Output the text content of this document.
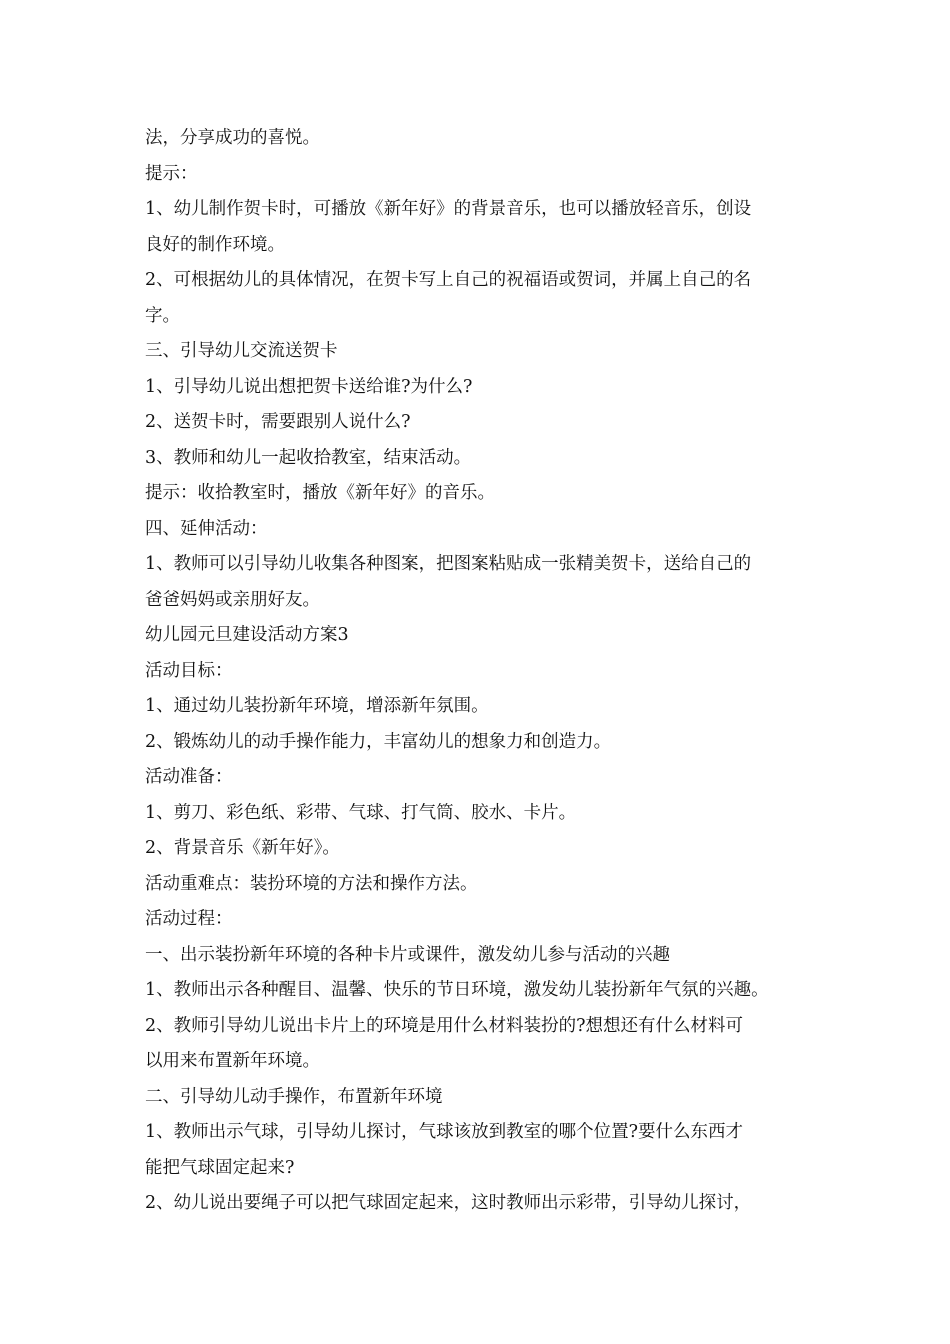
法，分享成功的喜悦。
提示：
1、幼儿制作贺卡时，可播放《新年好》的背景音乐，也可以播放轻音乐，创设
良好的制作环境。
2、可根据幼儿的具体情况，在贺卡写上自己的祝福语或贺词，并属上自己的名
字。
三、引导幼儿交流送贺卡
1、引导幼儿说出想把贺卡送给谁?为什么?
2、送贺卡时，需要跟别人说什么?
3、教师和幼儿一起收拾教室，结束活动。
提示：收拾教室时，播放《新年好》的音乐。
四、延伸活动：
1、教师可以引导幼儿收集各种图案，把图案粘贴成一张精美贺卡，送给自己的
爸爸妈妈或亲朋好友。
幼儿园元旦建设活动方案3
活动目标：
1、通过幼儿装扮新年环境，增添新年氛围。
2、锻炼幼儿的动手操作能力，丰富幼儿的想象力和创造力。
活动准备：
1、剪刀、彩色纸、彩带、气球、打气筒、胶水、卡片。
2、背景音乐《新年好》。
活动重难点：装扮环境的方法和操作方法。
活动过程：
一、出示装扮新年环境的各种卡片或课件，激发幼儿参与活动的兴趣
1、教师出示各种醒目、温馨、快乐的节日环境，激发幼儿装扮新年气氛的兴趣。
2、教师引导幼儿说出卡片上的环境是用什么材料装扮的?想想还有什么材料可
以用来布置新年环境。
二、引导幼儿动手操作，布置新年环境
1、教师出示气球，引导幼儿探讨，气球该放到教室的哪个位置?要什么东西才
能把气球固定起来?
2、幼儿说出要绳子可以把气球固定起来，这时教师出示彩带，引导幼儿探讨，
